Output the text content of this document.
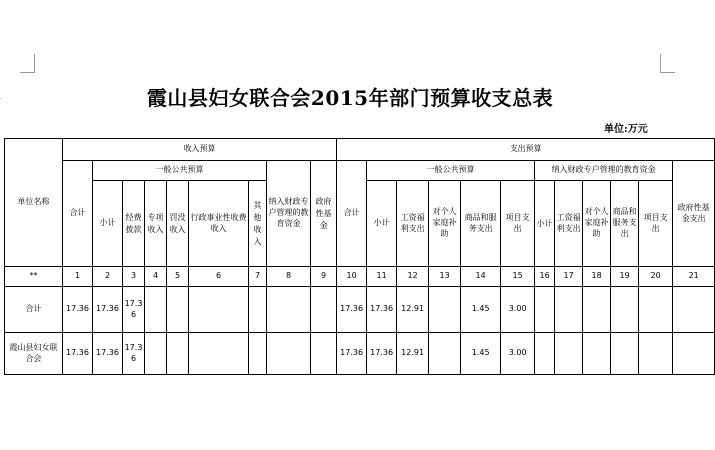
·	霞山县妇女联合会2015年部门预算收支总表
单位:万元
单位名称	收入预算									支出预算											
	合计	一般公共预算						纳入财政专户管理的教育资金	政府性基金	合计	一般公共预算					纳入财政专户管理的教育资金					政府性基金支出
		小计	经费拨款	专项收入	罚没收入	行政事业性收费收入	其他收入				小计	工资福利支出	对个人家庭补助	商品和服务支出	项目支出	小计	工资福利支出	对个人家庭补助	商品和服务支出	项目支出	
**	1	2	3	4	5	6	7	8	9	10	11	12	13	14	15	16	17	18	19	20	21
合计	17.36	17.36	17.36							17.36	17.36	12.91		1.45	3.00						
霞山县妇女联合会	17.36	17.36	17.36							17.36	17.36	12.91		1.45	3.00						
